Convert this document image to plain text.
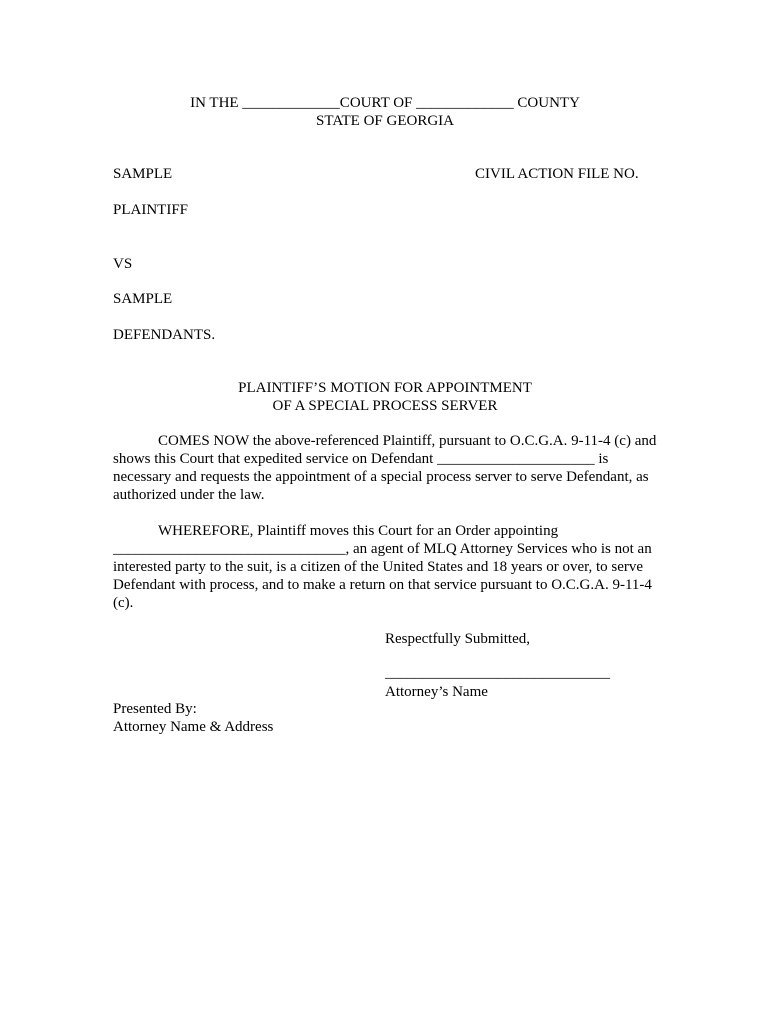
IN THE _____________COURT OF _____________ COUNTY
STATE OF GEORGIA
SAMPLE	CIVIL ACTION FILE NO.
PLAINTIFF
VS
SAMPLE
DEFENDANTS.
PLAINTIFF’S MOTION FOR APPOINTMENT
OF A SPECIAL PROCESS SERVER
COMES NOW the above-referenced Plaintiff, pursuant to O.C.G.A. 9-11-4 (c) and shows this Court that expedited service on Defendant _____________________ is necessary and requests the appointment of a special process server to serve Defendant, as authorized under the law.
WHEREFORE, Plaintiff moves this Court for an Order appointing _______________________________, an agent of MLQ Attorney Services who is not an interested party to the suit, is a citizen of the United States and 18 years or over, to serve Defendant with process, and to make a return on that service pursuant to O.C.G.A. 9-11-4 (c).
Respectfully Submitted,
______________________________
Attorney’s Name
Presented By:
Attorney Name & Address
